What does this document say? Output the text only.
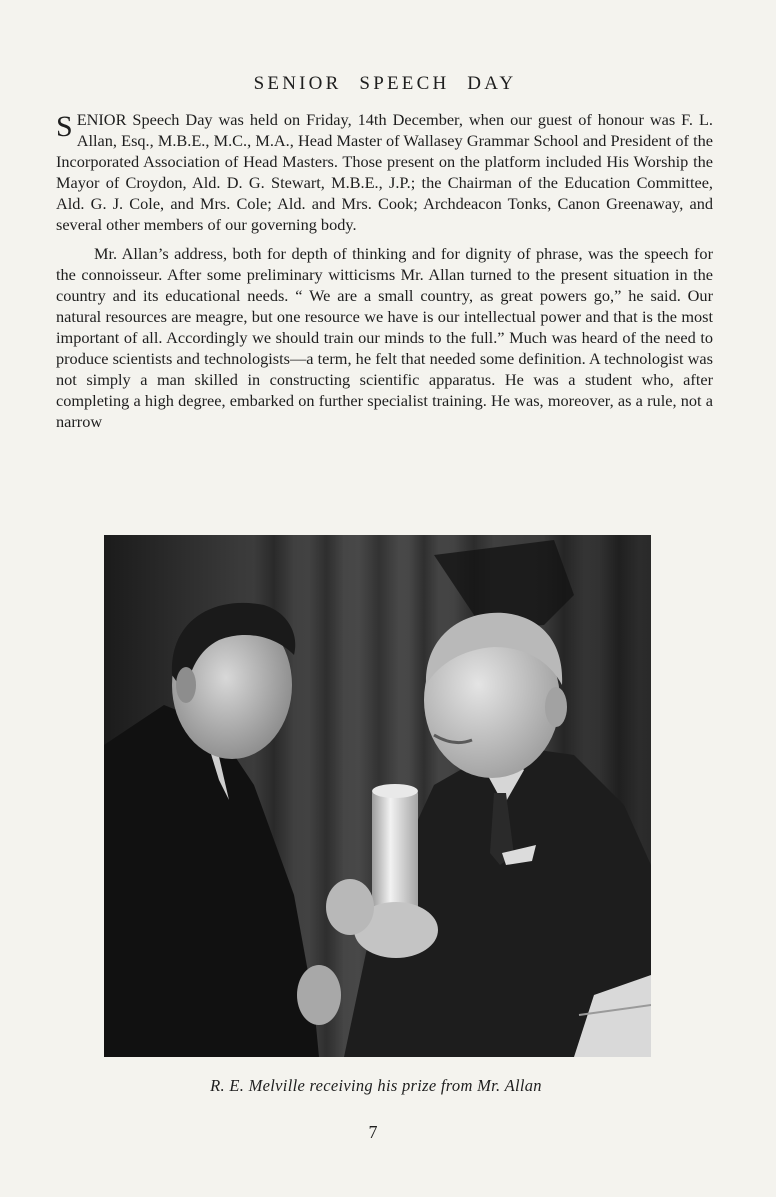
SENIOR SPEECH DAY

SENIOR Speech Day was held on Friday, 14th December, when our guest of honour was F. L. Allan, Esq., M.B.E., M.C., M.A., Head Master of Wallasey Grammar School and President of the Incorporated Association of Head Masters. Those present on the platform included His Worship the Mayor of Croydon, Ald. D. G. Stewart, M.B.E., J.P.; the Chairman of the Education Committee, Ald. G. J. Cole, and Mrs. Cole; Ald. and Mrs. Cook; Archdeacon Tonks, Canon Greenaway, and several other members of our governing body.

Mr. Allan’s address, both for depth of thinking and for dignity of phrase, was the speech for the connoisseur. After some preliminary witticisms Mr. Allan turned to the present situation in the country and its educational needs. “ We are a small country, as great powers go,” he said. Our natural resources are meagre, but one resource we have is our intellectual power and that is the most important of all. Accordingly we should train our minds to the full.” Much was heard of the need to produce scientists and technologists—a term, he felt that needed some definition. A technologist was not simply a man skilled in constructing scientific apparatus. He was a student who, after completing a high degree, embarked on further specialist training. He was, moreover, as a rule, not a narrow

R. E. Melville receiving his prize from Mr. Allan
7
